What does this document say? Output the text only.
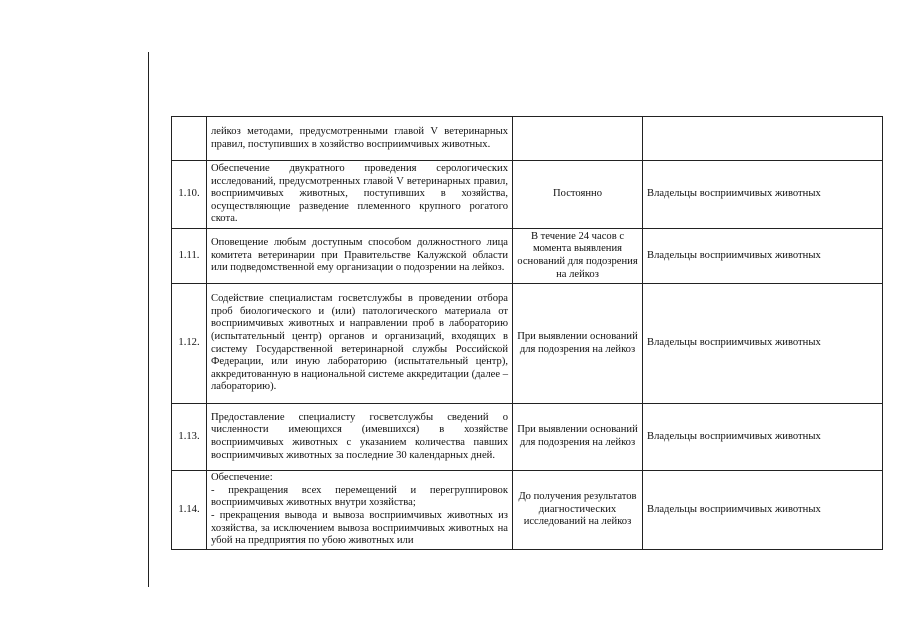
	лейкоз методами, предусмотренными главой V ветеринарных правил, поступивших в хозяйство восприимчивых животных.		
1.10.	Обеспечение двукратного проведения серологических исследований, предусмотренных главой V ветеринарных правил, восприимчивых животных, поступивших в хозяйства, осуществляющие разведение племенного крупного рогатого скота.	Постоянно	Владельцы восприимчивых животных
1.11.	Оповещение любым доступным способом должностного лица комитета ветеринарии при Правительстве Калужской области или подведомственной ему организации о подозрении на лейкоз.	В течение 24 часов с момента выявления оснований для подозрения на лейкоз	Владельцы восприимчивых животных
1.12.	Содействие специалистам госветслужбы в проведении отбора проб биологического и (или) патологического материала от восприимчивых животных и направлении проб в лабораторию (испытательный центр) органов и организаций, входящих в систему Государственной ветеринарной службы Российской Федерации, или иную лабораторию (испытательный центр), аккредитованную в национальной системе аккредитации (далее – лабораторию).	При выявлении оснований для подозрения на лейкоз	Владельцы восприимчивых животных
1.13.	Предоставление специалисту госветслужбы сведений о численности имеющихся (имевшихся) в хозяйстве восприимчивых животных с указанием количества павших восприимчивых животных за последние 30 календарных дней.	При выявлении оснований для подозрения на лейкоз	Владельцы восприимчивых животных
1.14.	Обеспечение:
- прекращения всех перемещений и перегруппировок восприимчивых животных внутри хозяйства;
- прекращения вывода и вывоза восприимчивых животных из хозяйства, за исключением вывоза восприимчивых животных на убой на предприятия по убою животных или	До получения результатов диагностических исследований на лейкоз	Владельцы восприимчивых животных
